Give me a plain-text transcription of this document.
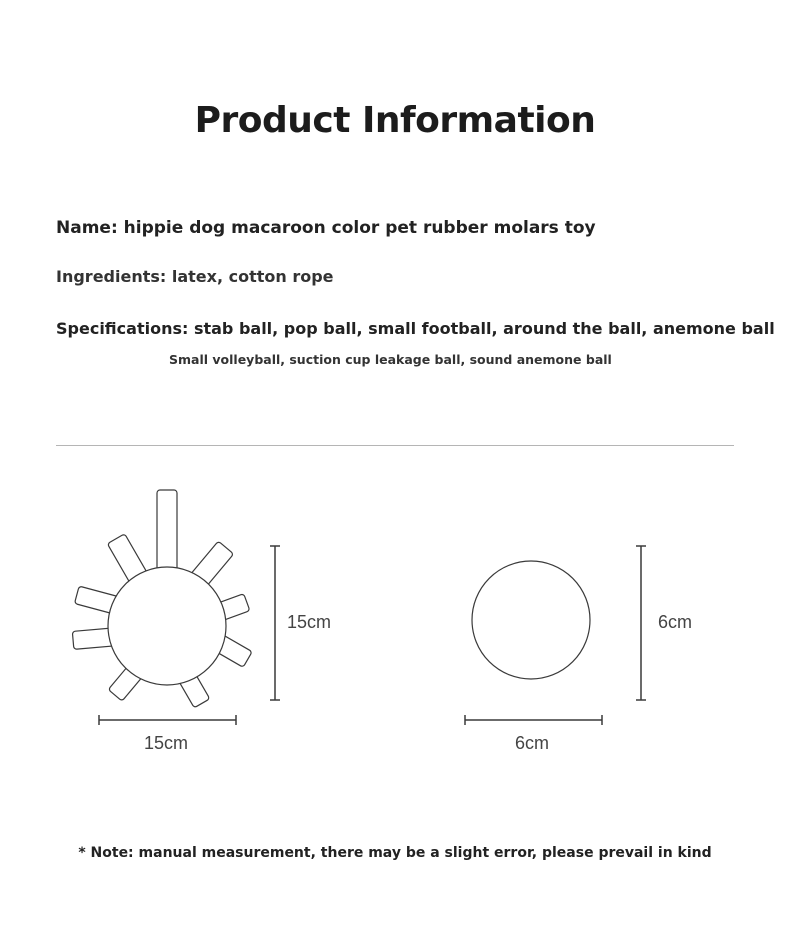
Product Information
Name: hippie dog macaroon color pet rubber molars toy
Ingredients: latex, cotton rope
Specifications: stab ball, pop ball, small football, around the ball, anemone ball
Small volleyball, suction cup leakage ball, sound anemone ball
15cm
15cm
6cm
6cm
* Note: manual measurement, there may be a slight error, please prevail in kind
